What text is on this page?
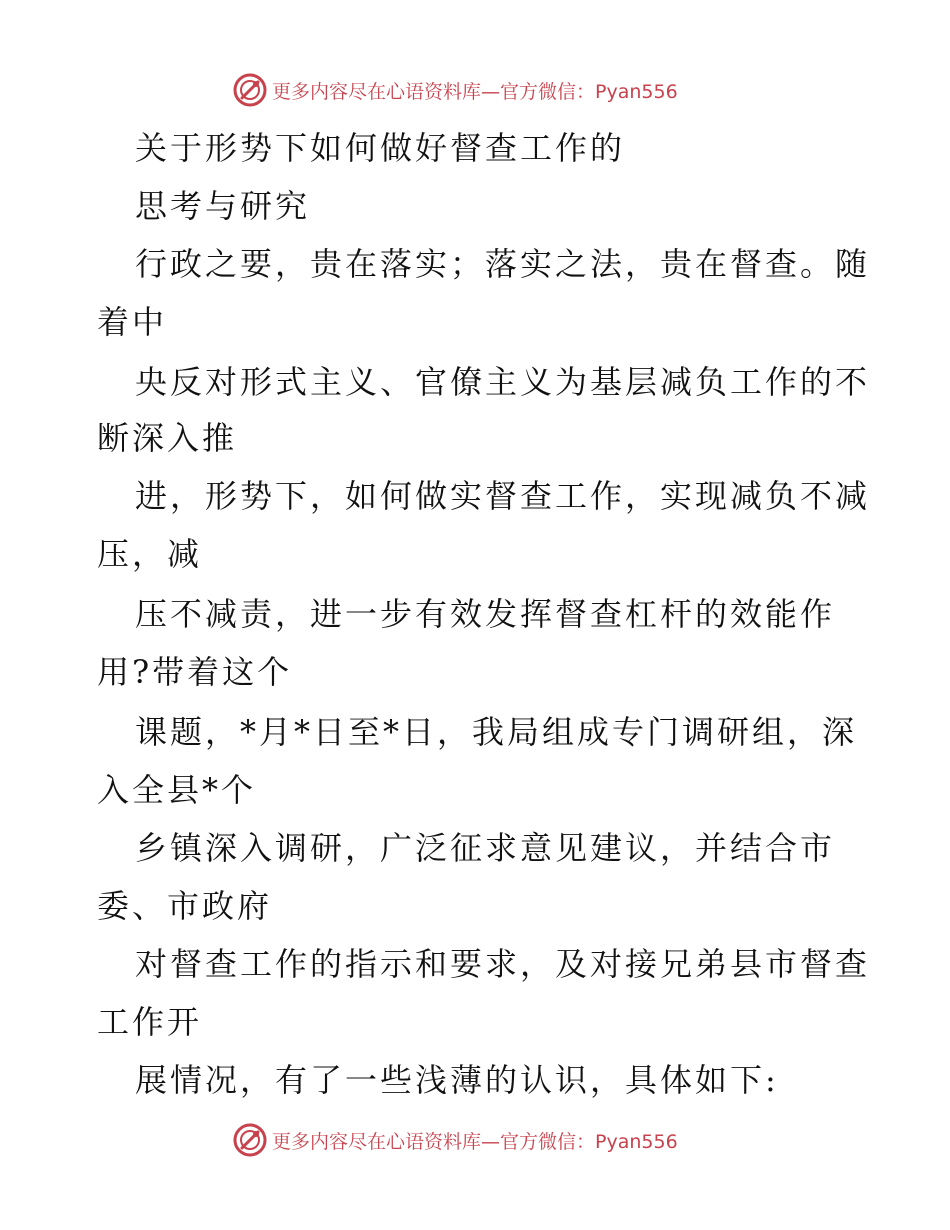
更多内容尽在心语资料库—官方微信：Pyan556
关于形势下如何做好督查工作的
思考与研究
行政之要，贵在落实；落实之法，贵在督查。随
着中
央反对形式主义、官僚主义为基层减负工作的不
断深入推
进，形势下，如何做实督查工作，实现减负不减
压，减
压不减责，进一步有效发挥督查杠杆的效能作
用?带着这个
课题，*月*日至*日，我局组成专门调研组，深
入全县*个
乡镇深入调研，广泛征求意见建议，并结合市
委、市政府
对督查工作的指示和要求，及对接兄弟县市督查
工作开
展情况，有了一些浅薄的认识，具体如下:
更多内容尽在心语资料库—官方微信：Pyan556
